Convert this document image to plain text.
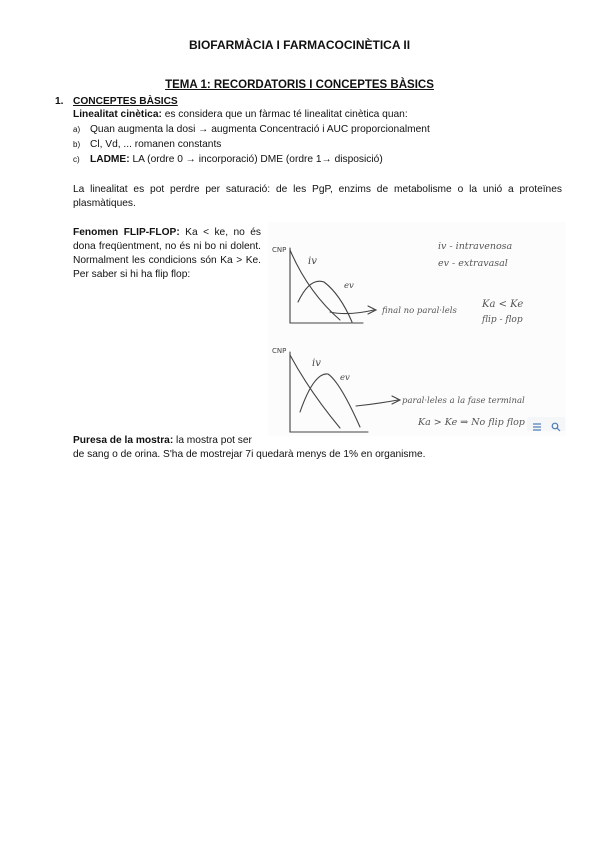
BIOFARMÀCIA I FARMACOCINÈTICA II
TEMA 1: RECORDATORIS I CONCEPTES BÀSICS
1. CONCEPTES BÀSICS
Linealitat cinètica: es considera que un fàrmac té linealitat cinètica quan:
a) Quan augmenta la dosi → augmenta Concentració i AUC proporcionalment
b) Cl, Vd, ... romanen constants
c) LADME: LA (ordre 0 → incorporació) DME (ordre 1→ disposició)
La linealitat es pot perdre per saturació: de les PgP, enzims de metabolisme o la unió a proteïnes plasmàtiques.
Fenomen FLIP-FLOP: Ka < ke, no és dona freqüentment, no és ni bo ni dolent. Normalment les condicions són Ka > Ke. Per saber si hi ha flip flop:
iv - intravenosa
ev - extravasal
CNP
iv
ev
final no paral·lels
Ka < Ke
flip - flop
CNP
iv
ev
paral·leles a la fase terminal
Ka > Ke ⇒ No flip flop
Puresa de la mostra: la mostra pot ser
de sang o de orina. S'ha de mostrejar 7i quedarà menys de 1% en organisme.
